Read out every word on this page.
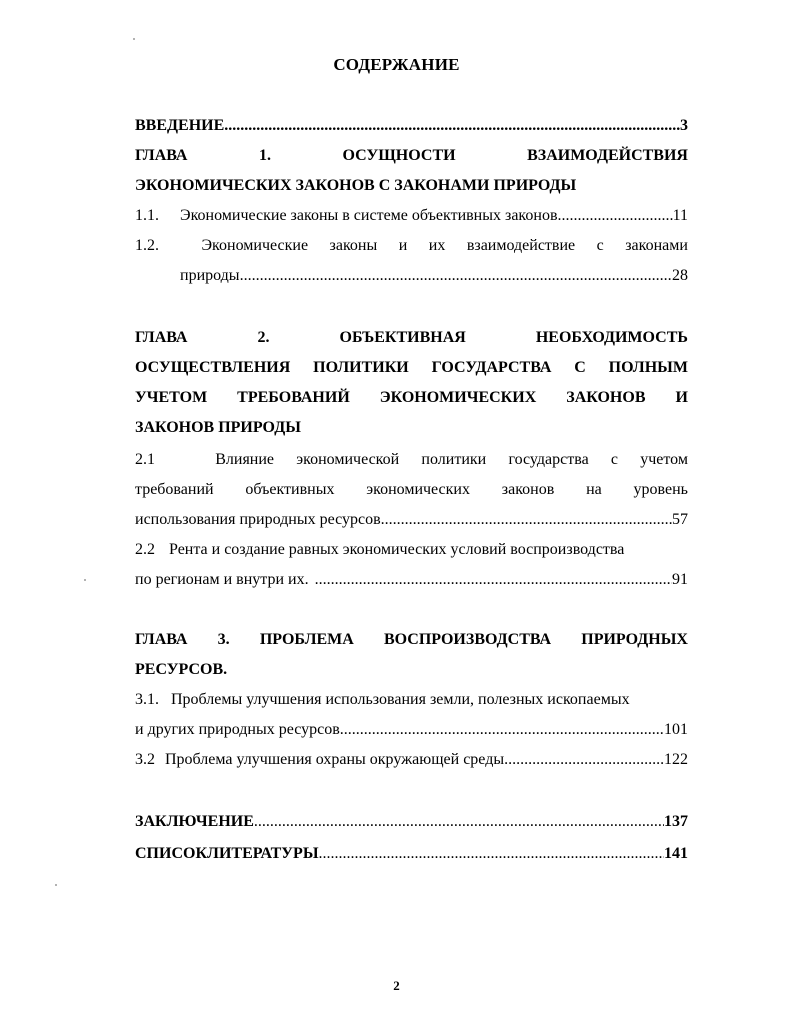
СОДЕРЖАНИЕ
ВВЕДЕНИЕ .....	3
ГЛАВА	1.	ОСУЩНОСТИ	ВЗАИМОДЕЙСТВИЯ
ЭКОНОМИЧЕСКИХ ЗАКОНОВ С ЗАКОНАМИ ПРИРОДЫ
1.1. Экономические законы в системе объективных законов .....	11
1.2.	Экономические законы и их взаимодействие с законами
природы .....	28
ГЛАВА	2.	ОБЪЕКТИВНАЯ	НЕОБХОДИМОСТЬ
ОСУЩЕСТВЛЕНИЯ ПОЛИТИКИ ГОСУДАРСТВА С ПОЛНЫМ
УЧЕТОМ ТРЕБОВАНИЙ ЭКОНОМИЧЕСКИХ ЗАКОНОВ И
ЗАКОНОВ ПРИРОДЫ
2.1	Влияние экономической политики государства с учетом
требований объективных экономических законов на уровень
использования природных ресурсов .....	57
2.2 Рента и создание равных экономических условий воспроизводства
по регионам и внутри их. .....	91
ГЛАВА 3. ПРОБЛЕМА ВОСПРОИЗВОДСТВА ПРИРОДНЫХ
РЕСУРСОВ.
3.1. Проблемы улучшения использования земли, полезных ископаемых
и других природных ресурсов .....	101
3.2 Проблема улучшения охраны окружающей среды .....	122
ЗАКЛЮЧЕНИЕ .....	137
СПИСОКЛИТЕРАТУРЫ .....	141
2
